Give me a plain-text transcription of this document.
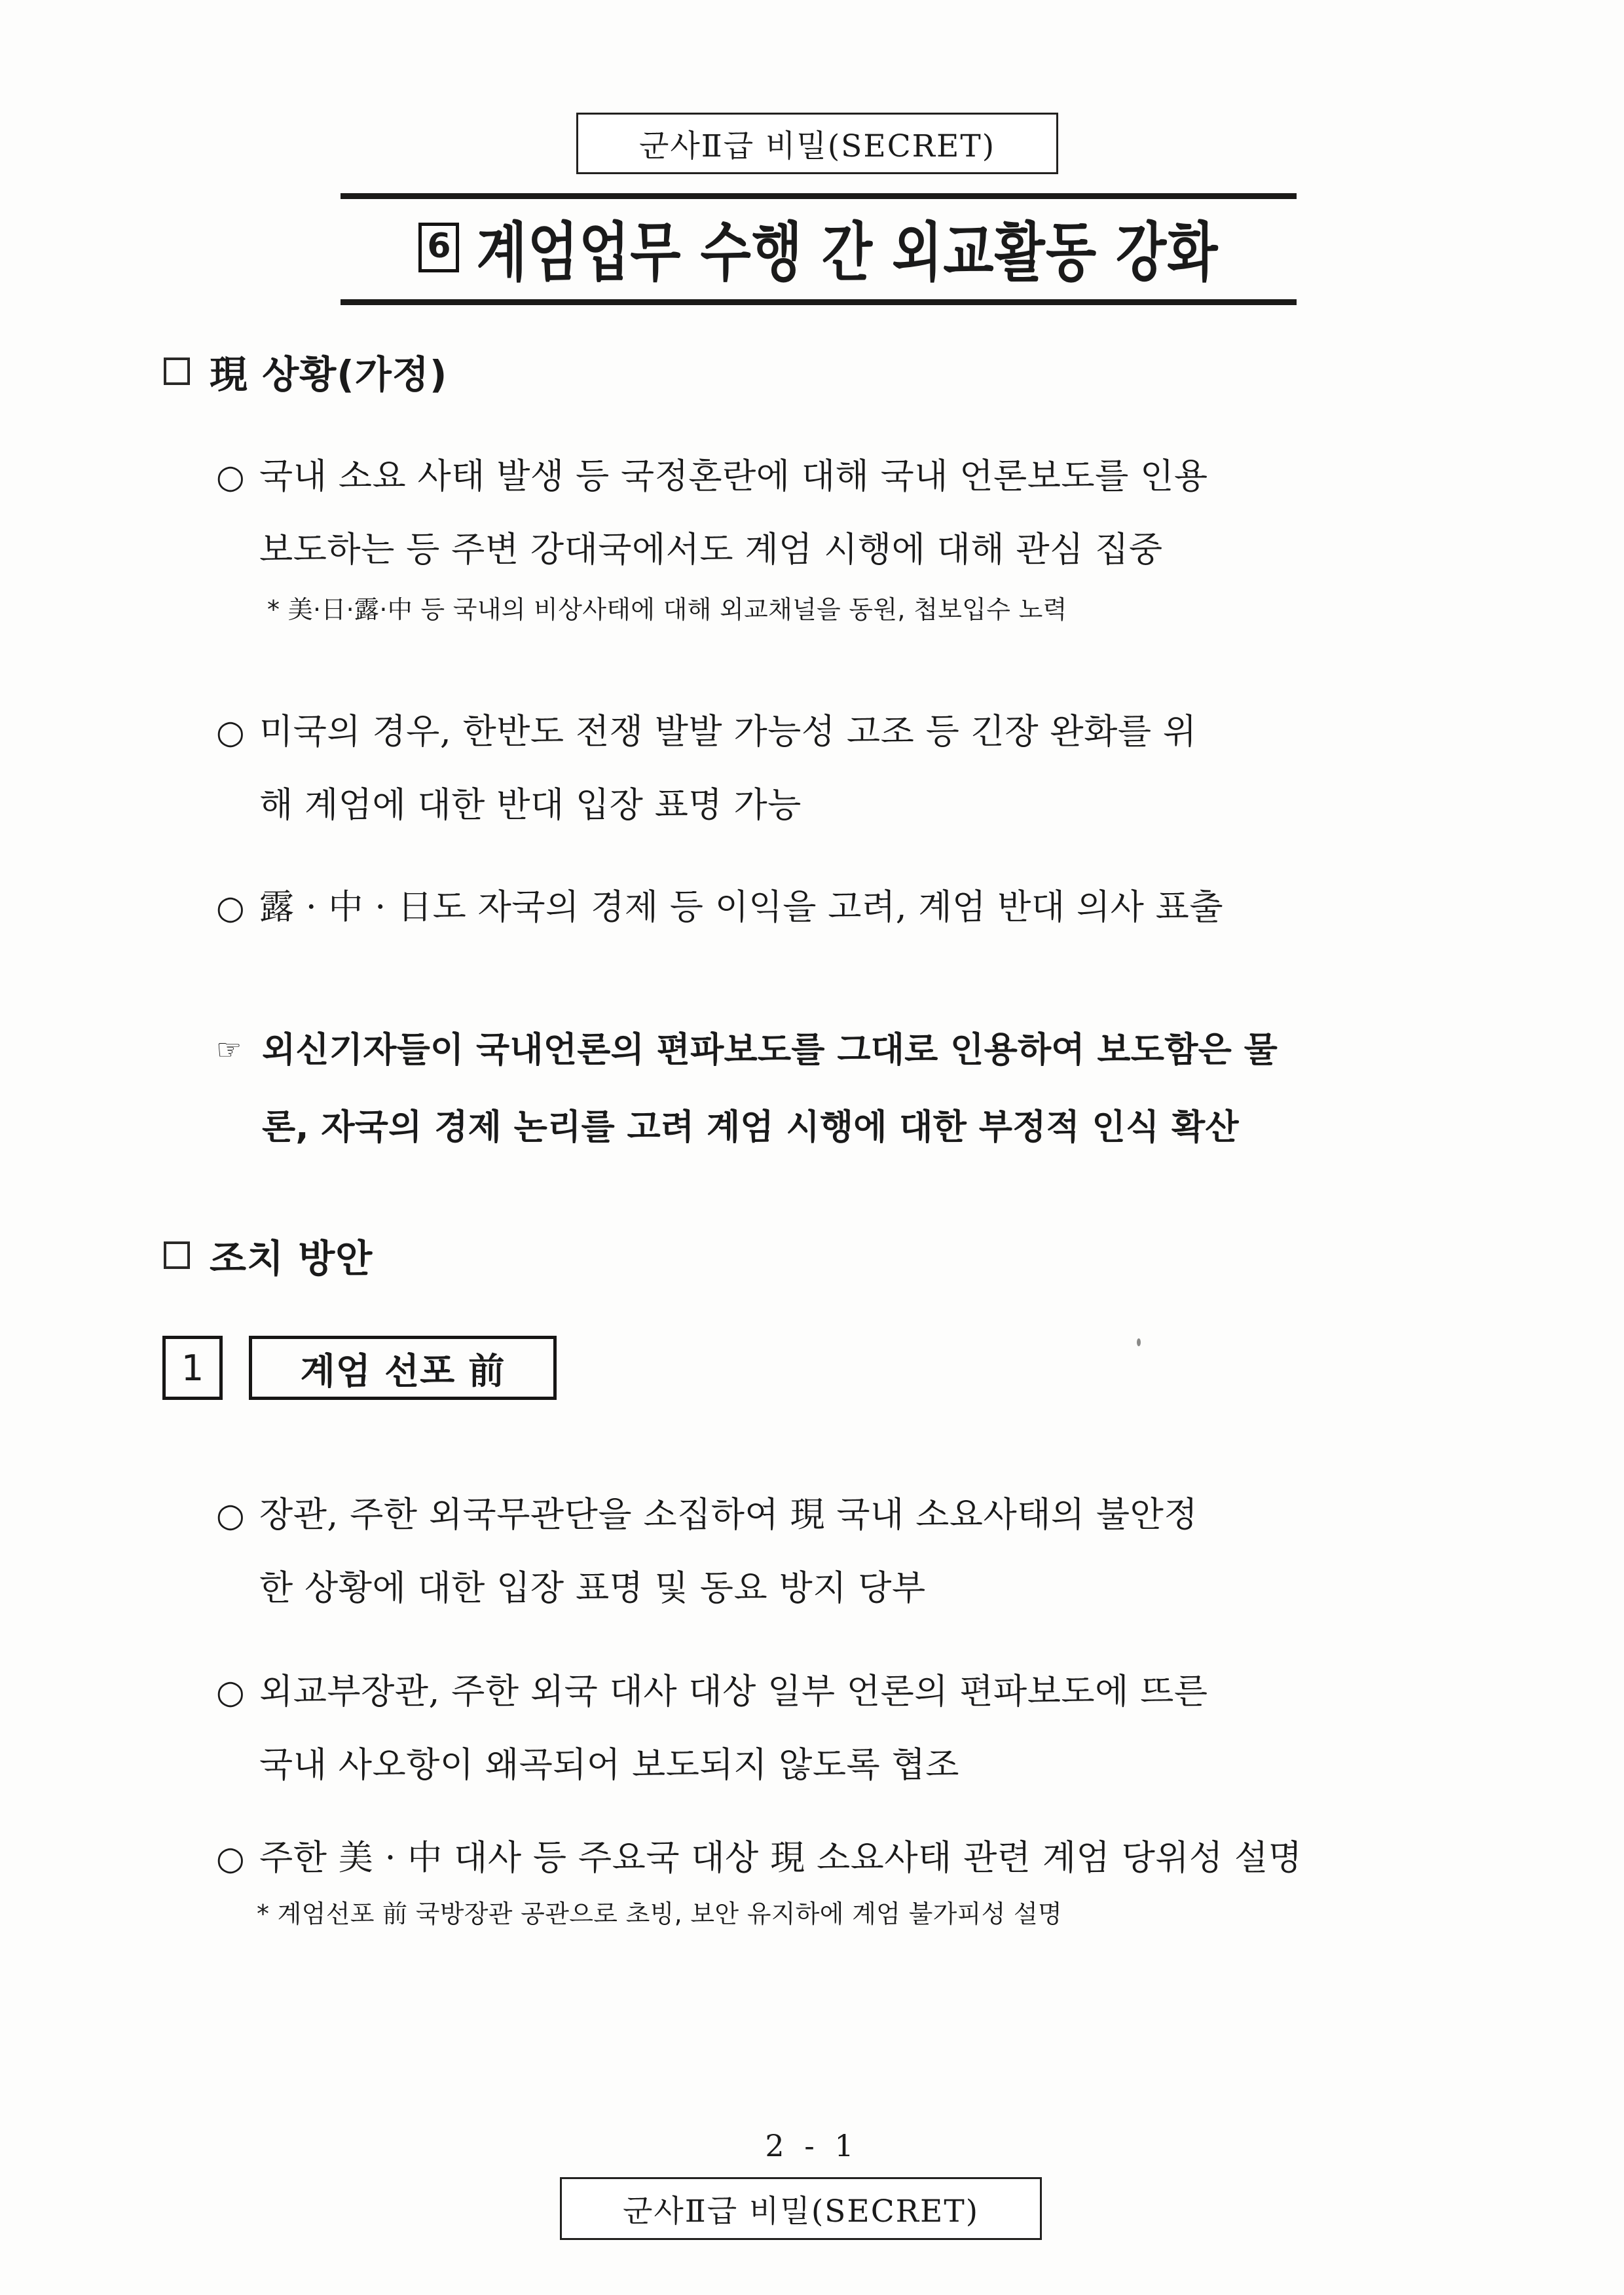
군사Ⅱ급 비밀(SECRET)
6 계엄업무 수행 간 외교활동 강화
現 상황(가정)
○ 국내 소요 사태 발생 등 국정혼란에 대해 국내 언론보도를 인용

보도하는 등 주변 강대국에서도 계엄 시행에 대해 관심 집중

* 美·日·露·中 등 국내의 비상사태에 대해 외교채널을 동원, 첩보입수 노력
○ 미국의 경우, 한반도 전쟁 발발 가능성 고조 등 긴장 완화를 위

해 계엄에 대한 반대 입장 표명 가능

○ 露 · 中 · 日도 자국의 경제 등 이익을 고려, 계엄 반대 의사 표출

☞ 외신기자들이 국내언론의 편파보도를 그대로 인용하여 보도함은 물

론, 자국의 경제 논리를 고려 계엄 시행에 대한 부정적 인식 확산

조치 방안
1	계엄 선포 前
○ 장관, 주한 외국무관단을 소집하여 現 국내 소요사태의 불안정

한 상황에 대한 입장 표명 및 동요 방지 당부

○ 외교부장관, 주한 외국 대사 대상 일부 언론의 편파보도에 뜨른

국내 사오항이 왜곡되어 보도되지 않도록 협조

○ 주한 美 · 中 대사 등 주요국 대상 現 소요사태 관련 계엄 당위성 설명

* 계엄선포 前 국방장관 공관으로 초빙, 보안 유지하에 계엄 불가피성 설명
2 - 1
군사Ⅱ급 비밀(SECRET)
